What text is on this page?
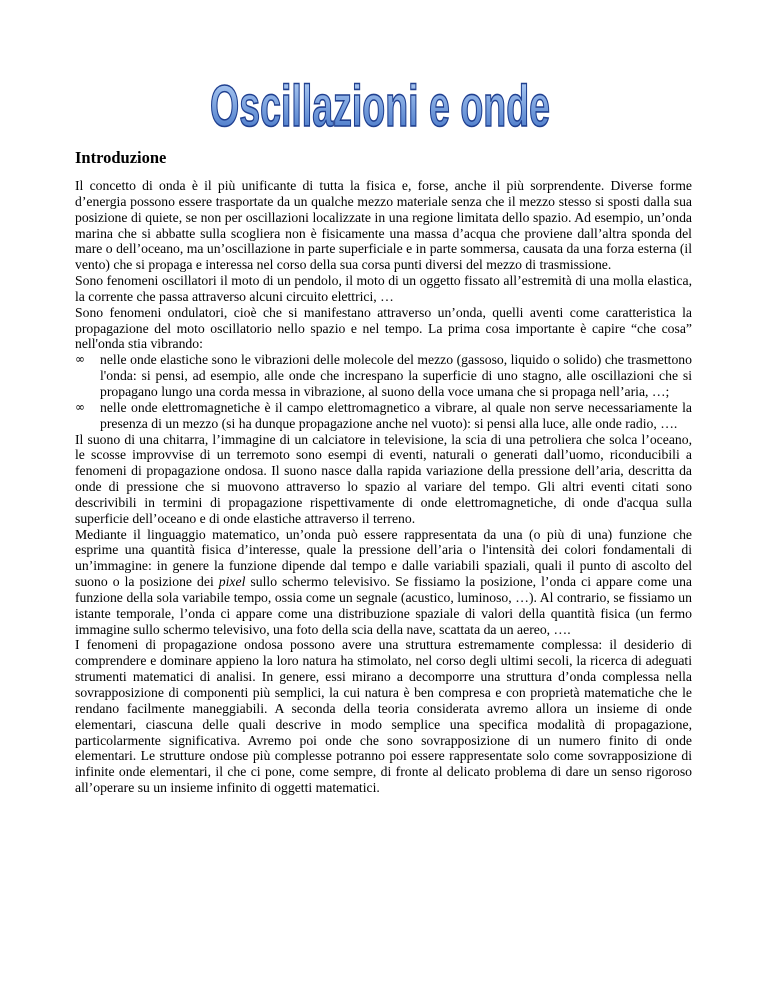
Oscillazioni e onde
Introduzione

Il concetto di onda è il più unificante di tutta la fisica e, forse, anche il più sorprendente. Diverse forme d’energia possono essere trasportate da un qualche mezzo materiale senza che il mezzo stesso si sposti dalla sua posizione di quiete, se non per oscillazioni localizzate in una regione limitata dello spazio. Ad esempio, un’onda marina che si abbatte sulla scogliera non è fisicamente una massa d’acqua che proviene dall’altra sponda del mare o dell’oceano, ma un’oscillazione in parte superficiale e in parte sommersa, causata da una forza esterna (il vento) che si propaga e interessa nel corso della sua corsa punti diversi del mezzo di trasmissione.

Sono fenomeni oscillatori il moto di un pendolo, il moto di un oggetto fissato all’estremità di una molla elastica, la corrente che passa attraverso alcuni circuito elettrici, …

Sono fenomeni ondulatori, cioè che si manifestano attraverso un’onda, quelli aventi come caratteristica la propagazione del moto oscillatorio nello spazio e nel tempo. La prima cosa importante è capire “che cosa” nell'onda stia vibrando:

∞ nelle onde elastiche sono le vibrazioni delle molecole del mezzo (gassoso, liquido o solido) che trasmettono l'onda: si pensi, ad esempio, alle onde che increspano la superficie di uno stagno, alle oscillazioni che si propagano lungo una corda messa in vibrazione, al suono della voce umana che si propaga nell’aria, …;
∞ nelle onde elettromagnetiche è il campo elettromagnetico a vibrare, al quale non serve necessariamente la presenza di un mezzo (si ha dunque propagazione anche nel vuoto): si pensi alla luce, alle onde radio, ….

Il suono di una chitarra, l’immagine di un calciatore in televisione, la scia di una petroliera che solca l’oceano, le scosse improvvise di un terremoto sono esempi di eventi, naturali o generati dall’uomo, riconducibili a fenomeni di propagazione ondosa. Il suono nasce dalla rapida variazione della pressione dell’aria, descritta da onde di pressione che si muovono attraverso lo spazio al variare del tempo. Gli altri eventi citati sono descrivibili in termini di propagazione rispettivamente di onde elettromagnetiche, di onde d'acqua sulla superficie dell’oceano e di onde elastiche attraverso il terreno.

Mediante il linguaggio matematico, un’onda può essere rappresentata da una (o più di una) funzione che esprime una quantità fisica d’interesse, quale la pressione dell’aria o l'intensità dei colori fondamentali di un’immagine: in genere la funzione dipende dal tempo e dalle variabili spaziali, quali il punto di ascolto del suono o la posizione dei pixel sullo schermo televisivo. Se fissiamo la posizione, l’onda ci appare come una funzione della sola variabile tempo, ossia come un segnale (acustico, luminoso, …). Al contrario, se fissiamo un istante temporale, l’onda ci appare come una distribuzione spaziale di valori della quantità fisica (un fermo immagine sullo schermo televisivo, una foto della scia della nave, scattata da un aereo, ….

I fenomeni di propagazione ondosa possono avere una struttura estremamente complessa: il desiderio di comprendere e dominare appieno la loro natura ha stimolato, nel corso degli ultimi secoli, la ricerca di adeguati strumenti matematici di analisi. In genere, essi mirano a decomporre una struttura d’onda complessa nella sovrapposizione di componenti più semplici, la cui natura è ben compresa e con proprietà matematiche che le rendano facilmente maneggiabili. A seconda della teoria considerata avremo allora un insieme di onde elementari, ciascuna delle quali descrive in modo semplice una specifica modalità di propagazione, particolarmente significativa. Avremo poi onde che sono sovrapposizione di un numero finito di onde elementari. Le strutture ondose più complesse potranno poi essere rappresentate solo come sovrapposizione di infinite onde elementari, il che ci pone, come sempre, di fronte al delicato problema di dare un senso rigoroso all’operare su un insieme infinito di oggetti matematici.
